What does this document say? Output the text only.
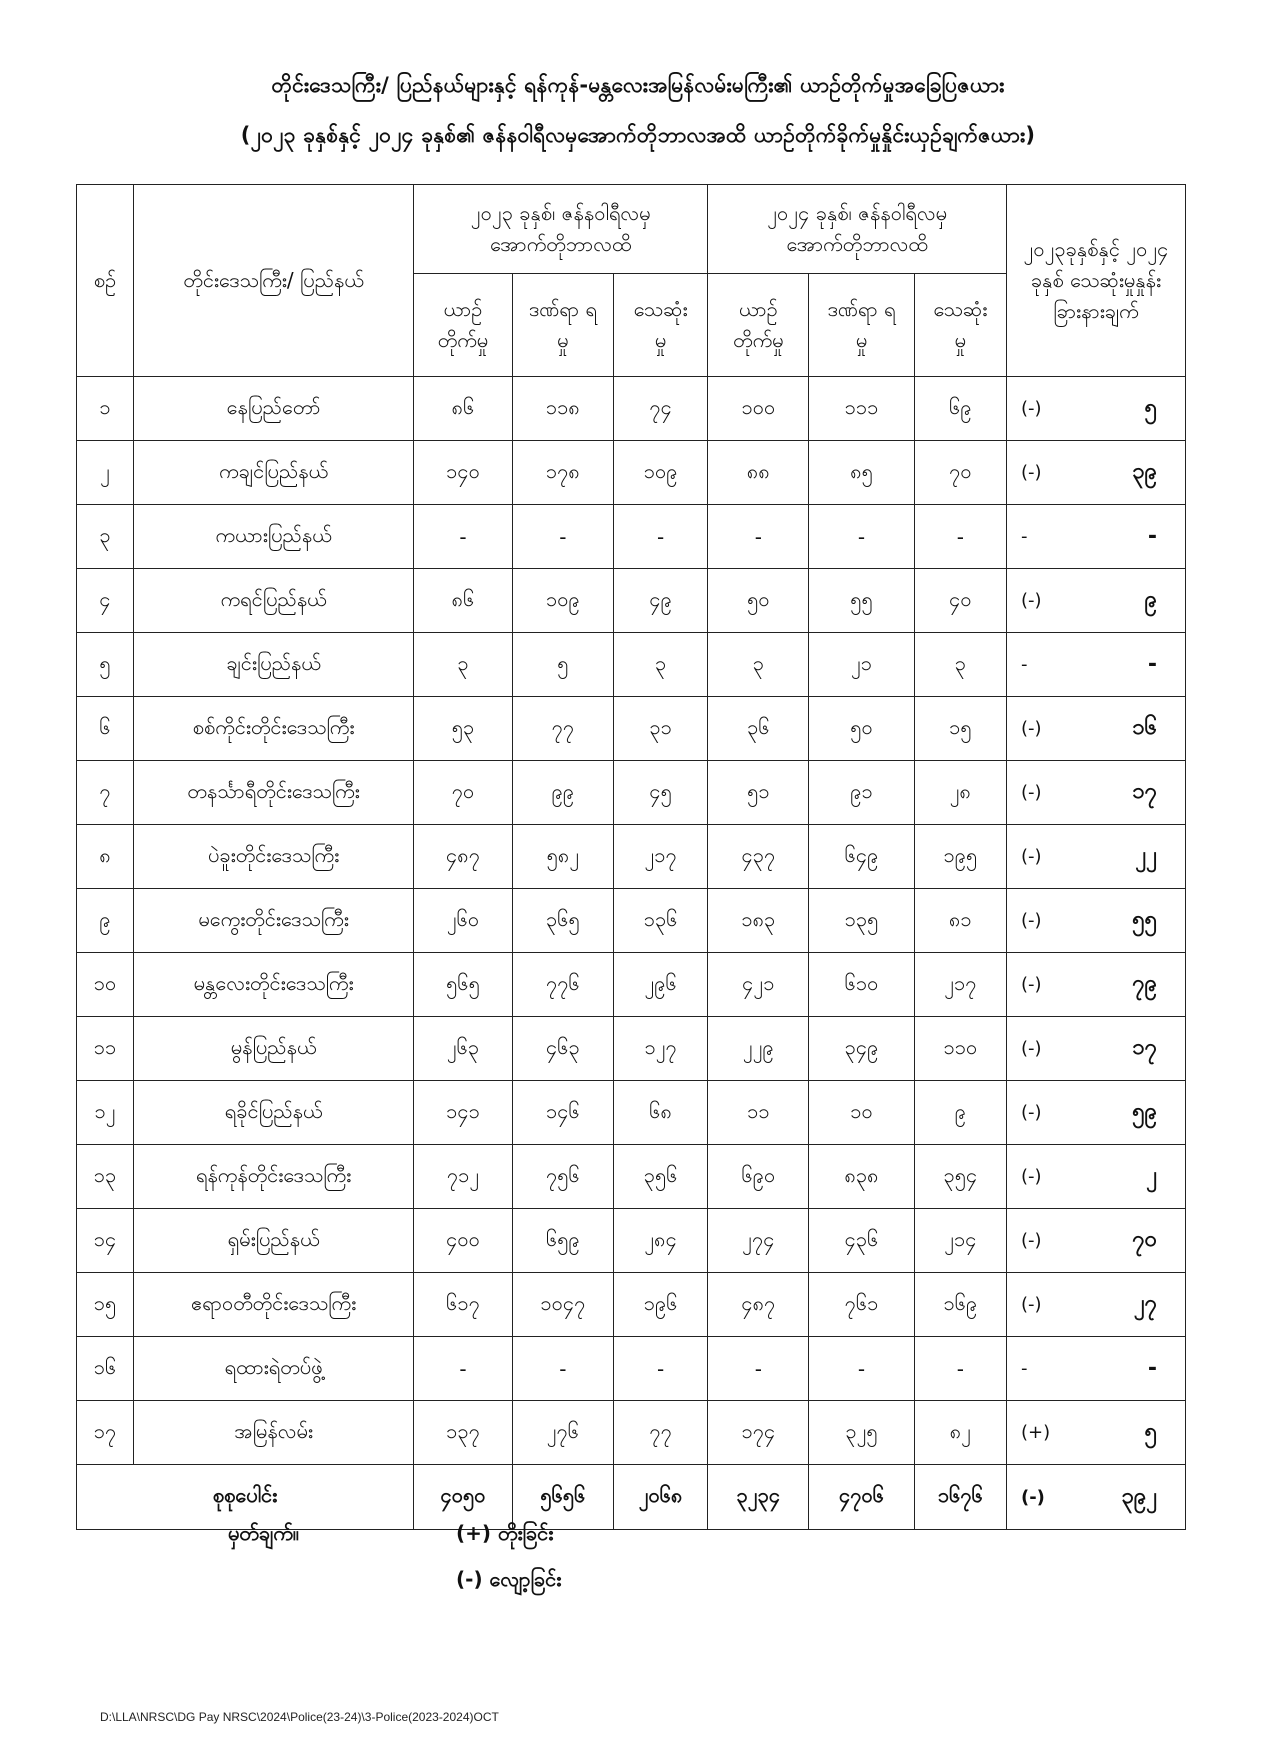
တိုင်းဒေသကြီး/ ပြည်နယ်များနှင့် ရန်ကုန်-မန္တလေးအမြန်လမ်းမကြီး၏ ယာဉ်တိုက်မှုအခြေပြဇယား
(၂၀၂၃ ခုနှစ်နှင့် ၂၀၂၄ ခုနှစ်၏ ဇန်နဝါရီလမှအောက်တိုဘာလအထိ ယာဉ်တိုက်ခိုက်မှုနှိုင်းယှဉ်ချက်ဇယား)
စဉ်	တိုင်းဒေသကြီး/ ပြည်နယ်	၂၀၂၃ ခုနှစ်၊ ဇန်နဝါရီလမှ အောက်တိုဘာလထိ			၂၀၂၄ ခုနှစ်၊ ဇန်နဝါရီလမှ အောက်တိုဘာလထိ			၂၀၂၃ခုနှစ်နှင့် ၂၀၂၄ ခုနှစ် သေဆုံးမှုနှုန်း ခြားနားချက်
		ယာဉ် တိုက်မှု	ဒဏ်ရာ ရမှု	သေဆုံး မှု	ယာဉ် တိုက်မှု	ဒဏ်ရာ ရမှု	သေဆုံး မှု	
၁	နေပြည်တော်	၈၆	၁၁၈	၇၄	၁၀၀	၁၁၁	၆၉	(-) ၅

၂	ကချင်ပြည်နယ်	၁၄၀	၁၇၈	၁၀၉	၈၈	၈၅	၇၀	(-) ၃၉

၃	ကယားပြည်နယ်	-	-	-	-	-	-	- -

၄	ကရင်ပြည်နယ်	၈၆	၁၀၉	၄၉	၅၀	၅၅	၄၀	(-) ၉

၅	ချင်းပြည်နယ်	၃	၅	၃	၃	၂၁	၃	- -

၆	စစ်ကိုင်းတိုင်းဒေသကြီး	၅၃	၇၇	၃၁	၃၆	၅၀	၁၅	(-) ၁၆

၇	တနင်္သာရီတိုင်းဒေသကြီး	၇၀	၉၉	၄၅	၅၁	၉၁	၂၈	(-) ၁၇

၈	ပဲခူးတိုင်းဒေသကြီး	၄၈၇	၅၈၂	၂၁၇	၄၃၇	၆၄၉	၁၉၅	(-) ၂၂

၉	မကွေးတိုင်းဒေသကြီး	၂၆၀	၃၆၅	၁၃၆	၁၈၃	၁၃၅	၈၁	(-) ၅၅

၁၀	မန္တလေးတိုင်းဒေသကြီး	၅၆၅	၇၇၆	၂၉၆	၄၂၁	၆၁၀	၂၁၇	(-) ၇၉

၁၁	မွန်ပြည်နယ်	၂၆၃	၄၆၃	၁၂၇	၂၂၉	၃၄၉	၁၁၀	(-) ၁၇

၁၂	ရခိုင်ပြည်နယ်	၁၄၁	၁၄၆	၆၈	၁၁	၁၀	၉	(-) ၅၉

၁၃	ရန်ကုန်တိုင်းဒေသကြီး	၇၁၂	၇၅၆	၃၅၆	၆၉၀	၈၃၈	၃၅၄	(-) ၂

၁၄	ရှမ်းပြည်နယ်	၄၀၀	၆၅၉	၂၈၄	၂၇၄	၄၃၆	၂၁၄	(-) ၇၀

၁၅	ဧရာဝတီတိုင်းဒေသကြီး	၆၁၇	၁၀၄၇	၁၉၆	၄၈၇	၇၆၁	၁၆၉	(-) ၂၇

၁၆	ရထားရဲတပ်ဖွဲ့	-	-	-	-	-	-	- -

၁၇	အမြန်လမ်း	၁၃၇	၂၇၆	၇၇	၁၇၄	၃၂၅	၈၂	(+) ၅

စုစုပေါင်း		၄၀၅၀	၅၆၅၆	၂၀၆၈	၃၂၃၄	၄၇၀၆	၁၆၇၆	(-) ၃၉၂
မှတ်ချက်။	(+) တိုးခြင်း
(-) လျော့ခြင်း
D:\LLA\NRSC\DG Pay NRSC\2024\Police(23-24)\3-Police(2023-2024)OCT
